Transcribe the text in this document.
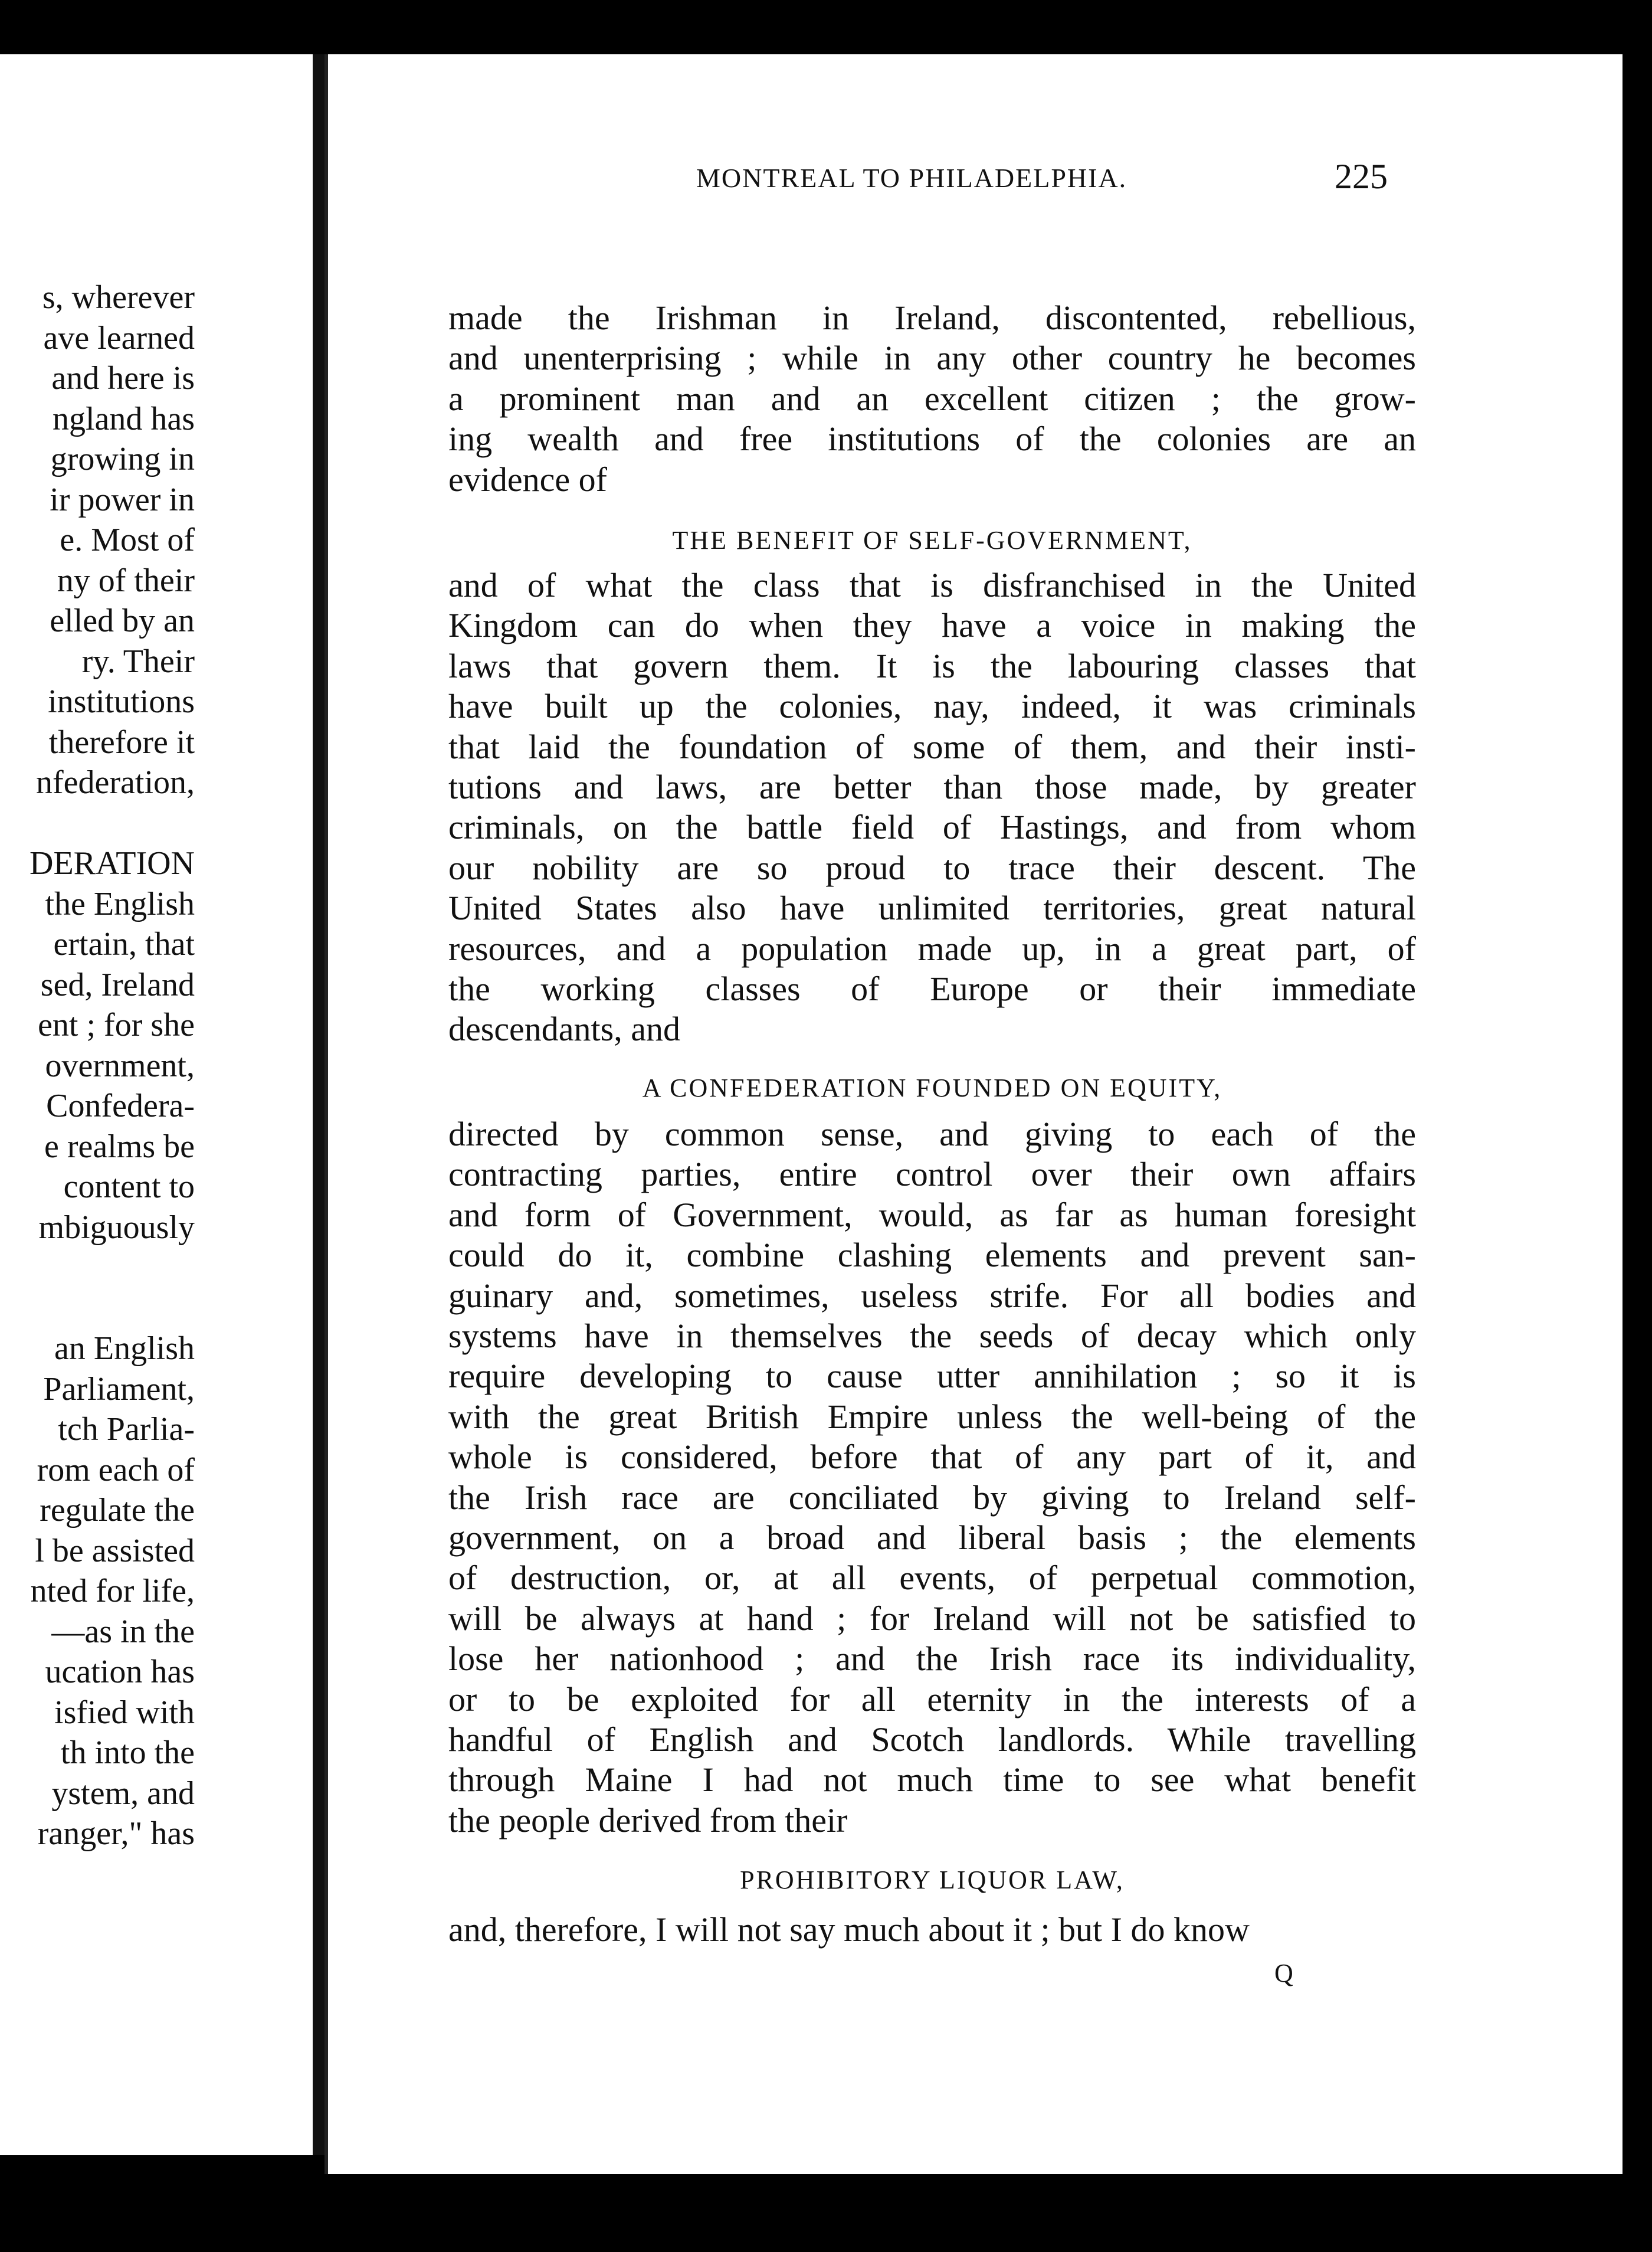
s, wherever
ave learned
and here is
ngland has
growing in
ir power in
e. Most of
ny of their
elled by an
ry. Their
institutions
therefore it
nfederation,
DERATION
the English
ertain, that
sed, Ireland
ent ; for she
overnment,
Confedera-
e realms be
content to
mbiguously
an English
Parliament,
tch Parlia-
rom each of
regulate the
l be assisted
nted for life,
—as in the
ucation has
isfied with
th into the
ystem, and
ranger," has
MONTREAL TO PHILADELPHIA.	225
made the Irishman in Ireland, discontented, rebellious,
and unenterprising ; while in any other country he becomes
a prominent man and an excellent citizen ; the grow-
ing wealth and free institutions of the colonies are an
evidence of
THE BENEFIT OF SELF-GOVERNMENT,
and of what the class that is disfranchised in the United
Kingdom can do when they have a voice in making the
laws that govern them. It is the labouring classes that
have built up the colonies, nay, indeed, it was criminals
that laid the foundation of some of them, and their insti-
tutions and laws, are better than those made, by greater
criminals, on the battle field of Hastings, and from whom
our nobility are so proud to trace their descent. The
United States also have unlimited territories, great natural
resources, and a population made up, in a great part, of
the working classes of Europe or their immediate
descendants, and
A CONFEDERATION FOUNDED ON EQUITY,
directed by common sense, and giving to each of the
contracting parties, entire control over their own affairs
and form of Government, would, as far as human foresight
could do it, combine clashing elements and prevent san-
guinary and, sometimes, useless strife. For all bodies and
systems have in themselves the seeds of decay which only
require developing to cause utter annihilation ; so it is
with the great British Empire unless the well-being of the
whole is considered, before that of any part of it, and
the Irish race are conciliated by giving to Ireland self-
government, on a broad and liberal basis ; the elements
of destruction, or, at all events, of perpetual commotion,
will be always at hand ; for Ireland will not be satisfied to
lose her nationhood ; and the Irish race its individuality,
or to be exploited for all eternity in the interests of a
handful of English and Scotch landlords. While travelling
through Maine I had not much time to see what benefit
the people derived from their
PROHIBITORY LIQUOR LAW,
and, therefore, I will not say much about it ; but I do know
Q
